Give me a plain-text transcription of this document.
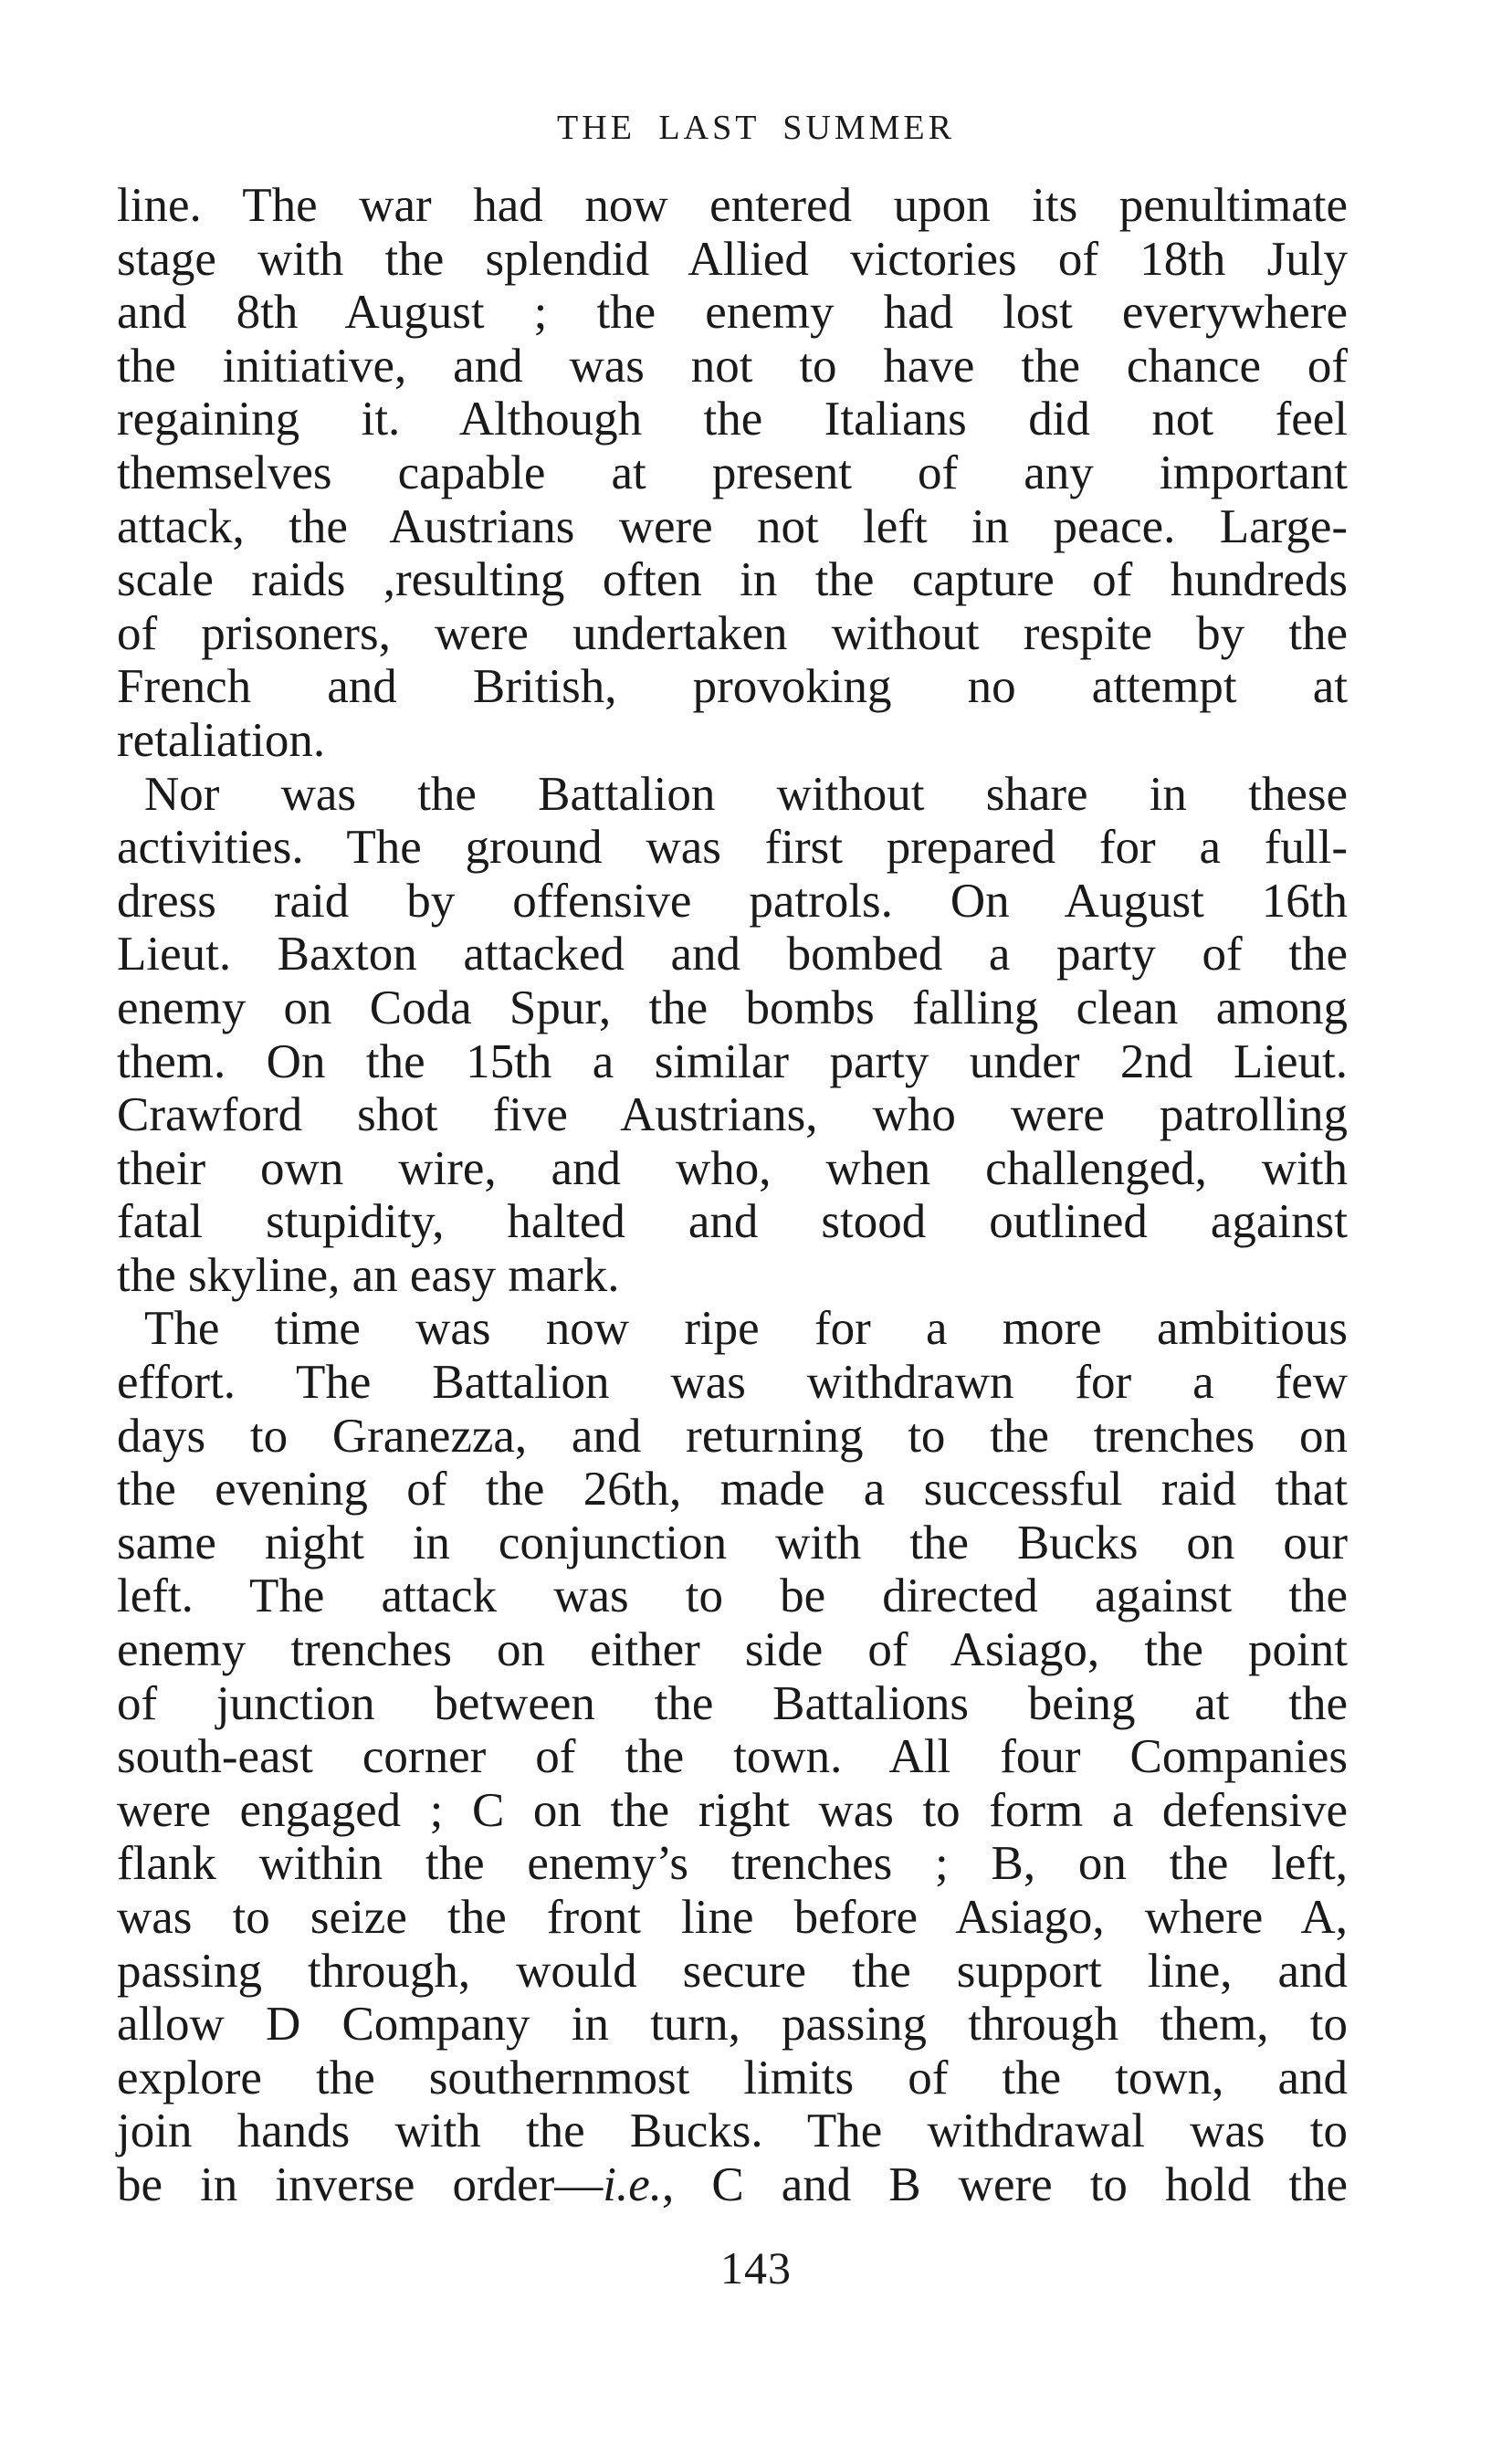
THE LAST SUMMER
line. The war had now entered upon its penultimate
stage with the splendid Allied victories of 18th July
and 8th August ; the enemy had lost everywhere
the initiative, and was not to have the chance of
regaining it. Although the Italians did not feel
themselves capable at present of any important
attack, the Austrians were not left in peace. Large-
scale raids ,resulting often in the capture of hundreds
of prisoners, were undertaken without respite by the
French and British, provoking no attempt at
retaliation.
Nor was the Battalion without share in these
activities. The ground was first prepared for a full-
dress raid by offensive patrols. On August 16th
Lieut. Baxton attacked and bombed a party of the
enemy on Coda Spur, the bombs falling clean among
them. On the 15th a similar party under 2nd Lieut.
Crawford shot five Austrians, who were patrolling
their own wire, and who, when challenged, with
fatal stupidity, halted and stood outlined against
the skyline, an easy mark.
The time was now ripe for a more ambitious
effort. The Battalion was withdrawn for a few
days to Granezza, and returning to the trenches on
the evening of the 26th, made a successful raid that
same night in conjunction with the Bucks on our
left. The attack was to be directed against the
enemy trenches on either side of Asiago, the point
of junction between the Battalions being at the
south-east corner of the town. All four Companies
were engaged ; C on the right was to form a defensive
flank within the enemy’s trenches ; B, on the left,
was to seize the front line before Asiago, where A,
passing through, would secure the support line, and
allow D Company in turn, passing through them, to
explore the southernmost limits of the town, and
join hands with the Bucks. The withdrawal was to
be in inverse order—i.e., C and B were to hold the
143
